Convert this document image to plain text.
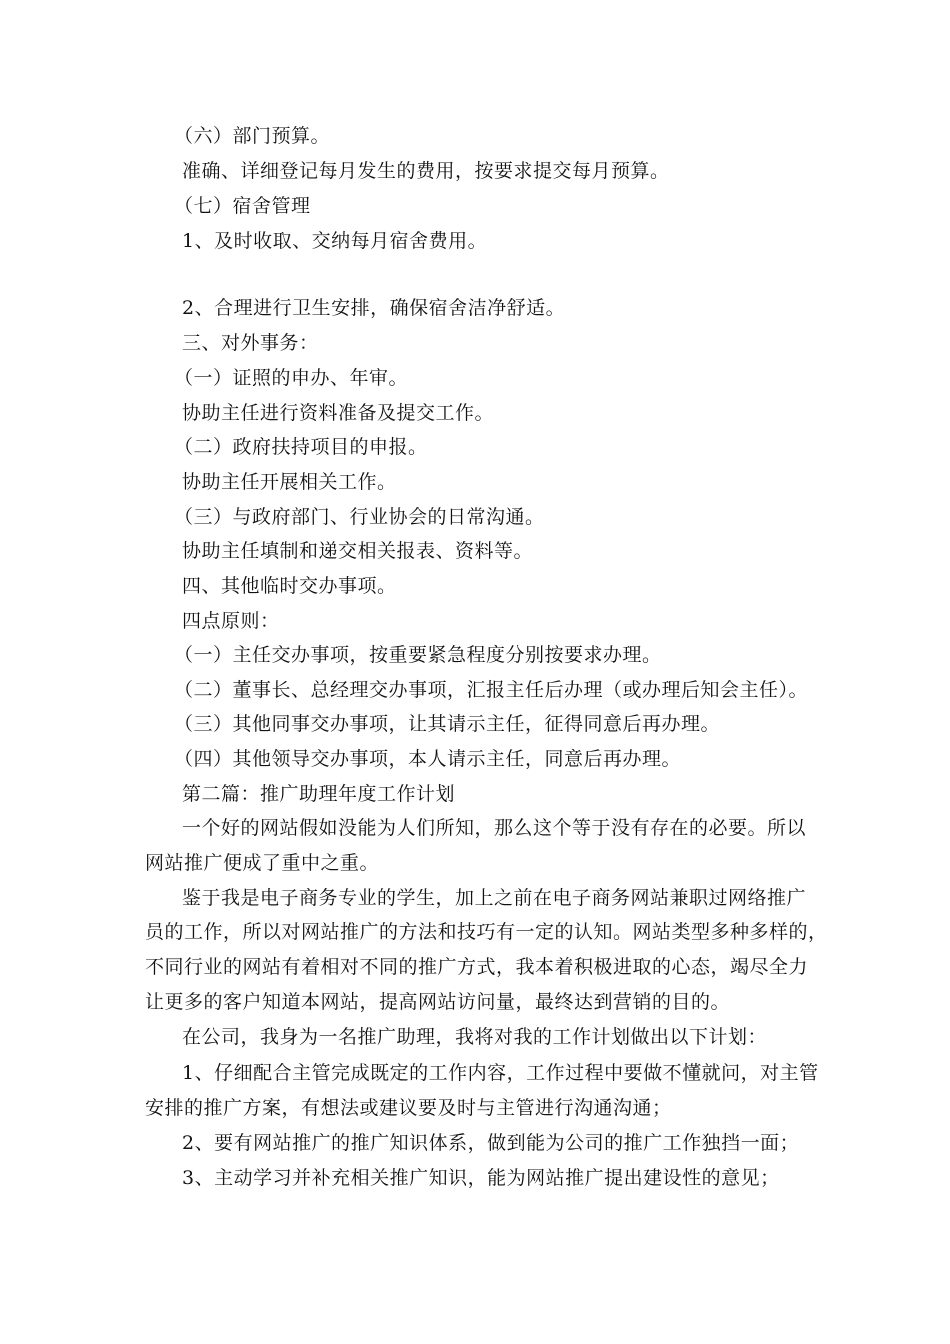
（六）部门预算。
准确、详细登记每月发生的费用，按要求提交每月预算。
（七）宿舍管理
1、及时收取、交纳每月宿舍费用。
2、合理进行卫生安排，确保宿舍洁净舒适。
三、对外事务：
（一）证照的申办、年审。
协助主任进行资料准备及提交工作。
（二）政府扶持项目的申报。
协助主任开展相关工作。
（三）与政府部门、行业协会的日常沟通。
协助主任填制和递交相关报表、资料等。
四、其他临时交办事项。
四点原则：
（一）主任交办事项，按重要紧急程度分别按要求办理。
（二）董事长、总经理交办事项，汇报主任后办理（或办理后知会主任）。
（三）其他同事交办事项，让其请示主任，征得同意后再办理。
（四）其他领导交办事项，本人请示主任，同意后再办理。
第二篇：推广助理年度工作计划
一个好的网站假如没能为人们所知，那么这个等于没有存在的必要。所以
网站推广便成了重中之重。
鉴于我是电子商务专业的学生，加上之前在电子商务网站兼职过网络推广
员的工作，所以对网站推广的方法和技巧有一定的认知。网站类型多种多样的，
不同行业的网站有着相对不同的推广方式，我本着积极进取的心态，竭尽全力
让更多的客户知道本网站，提高网站访问量，最终达到营销的目的。
在公司，我身为一名推广助理，我将对我的工作计划做出以下计划：
1、仔细配合主管完成既定的工作内容，工作过程中要做不懂就问，对主管
安排的推广方案，有想法或建议要及时与主管进行沟通沟通；
2、要有网站推广的推广知识体系，做到能为公司的推广工作独挡一面；
3、主动学习并补充相关推广知识，能为网站推广提出建设性的意见；
